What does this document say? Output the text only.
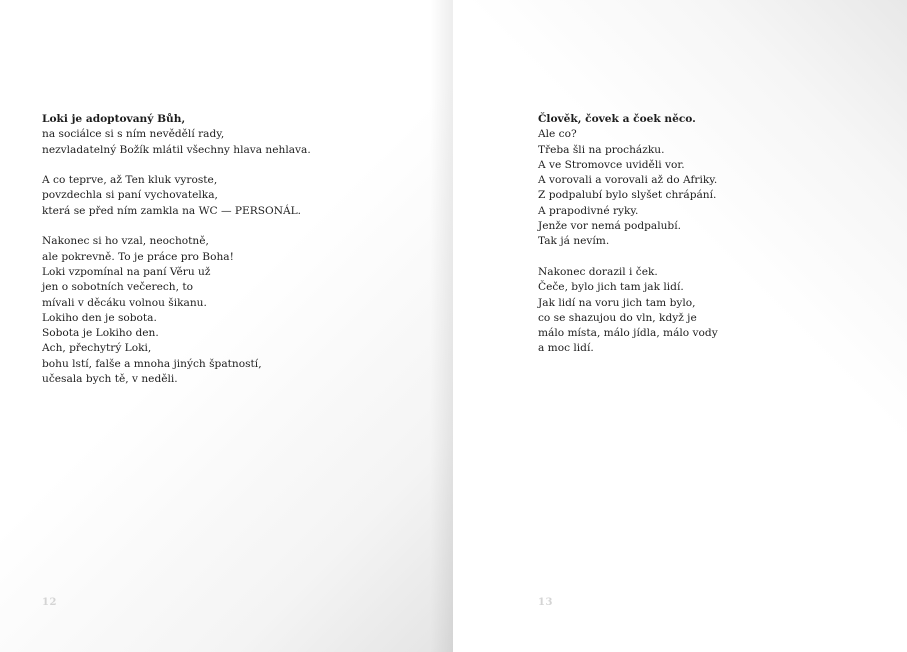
Loki je adoptovaný Bůh,
na sociálce si s ním nevědělí rady,
nezvladatelný Božík mlátil všechny hlava nehlava.
A co teprve, až Ten kluk vyroste,
povzdechla si paní vychovatelka,
která se před ním zamkla na WC — PERSONÁL.
Nakonec si ho vzal, neochotně,
ale pokrevně. To je práce pro Boha!
Loki vzpomínal na paní Věru už
jen o sobotních večerech, to
mívali v děcáku volnou šikanu.
Lokiho den je sobota.
Sobota je Lokiho den.
Ach, přechytrý Loki,
bohu lstí, falše a mnoha jiných špatností,
učesala bych tě, v neděli.
12
Člověk, čovek a čoek něco.
Ale co?
Třeba šli na procházku.
A ve Stromovce uviděli vor.
A vorovali a vorovali až do Afriky.
Z podpalubí bylo slyšet chrápání.
A prapodivné ryky.
Jenže vor nemá podpalubí.
Tak já nevím.
Nakonec dorazil i ček.
Čeče, bylo jich tam jak lidí.
Jak lidí na voru jich tam bylo,
co se shazujou do vln, když je
málo místa, málo jídla, málo vody
a moc lidí.
13
